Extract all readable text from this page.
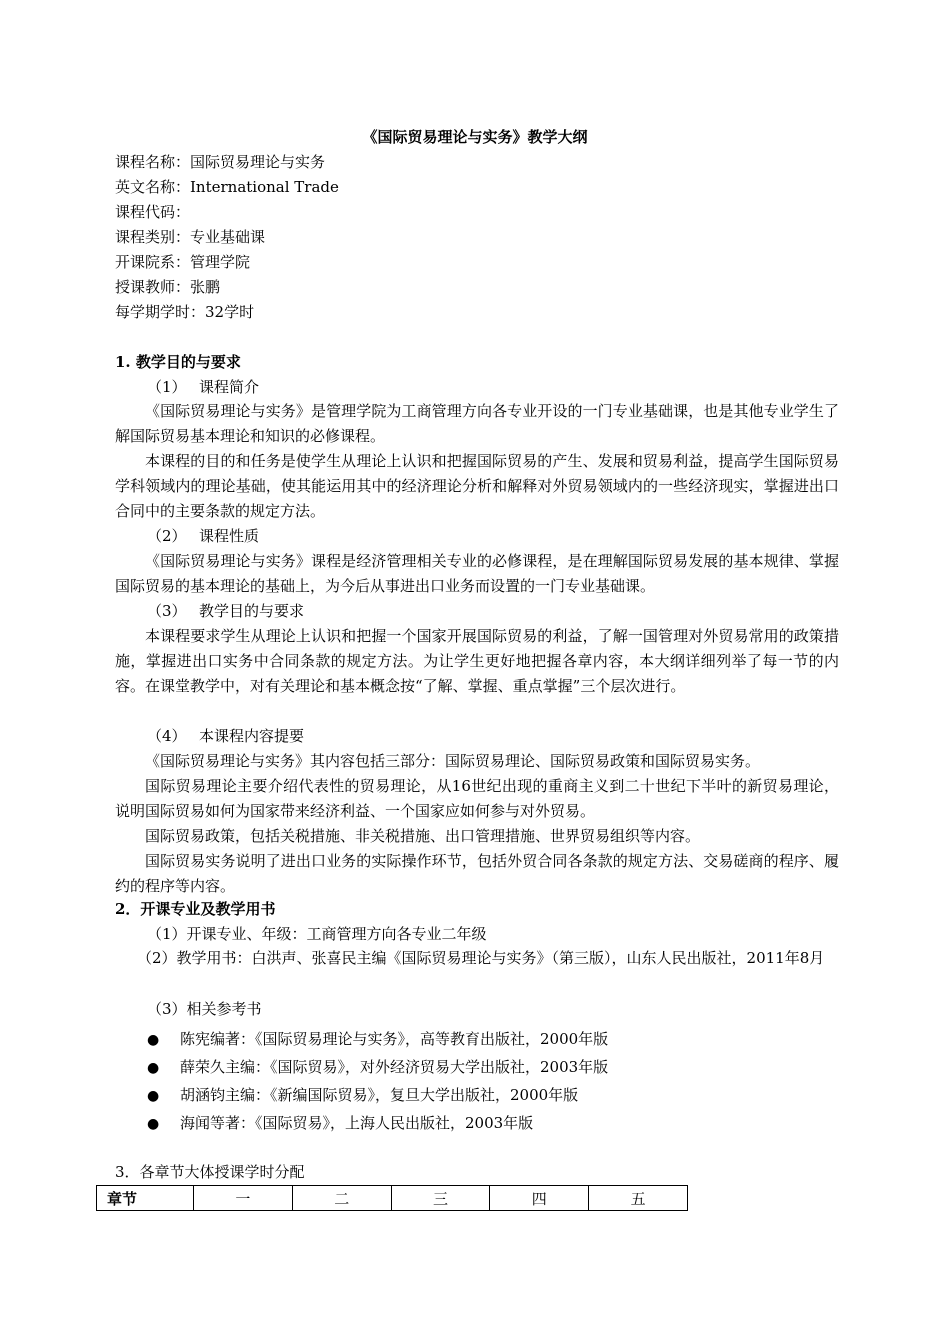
《国际贸易理论与实务》教学大纲
课程名称：国际贸易理论与实务
英文名称：International Trade
课程代码：
课程类别：专业基础课
开课院系：管理学院
授课教师：张鹏
每学期学时：32学时
1. 教学目的与要求
（1） 课程简介
《国际贸易理论与实务》是管理学院为工商管理方向各专业开设的一门专业基础课，也是其他专业学生了解国际贸易基本理论和知识的必修课程。
本课程的目的和任务是使学生从理论上认识和把握国际贸易的产生、发展和贸易利益，提高学生国际贸易学科领域内的理论基础，使其能运用其中的经济理论分析和解释对外贸易领域内的一些经济现实，掌握进出口合同中的主要条款的规定方法。
（2） 课程性质
《国际贸易理论与实务》课程是经济管理相关专业的必修课程，是在理解国际贸易发展的基本规律、掌握国际贸易的基本理论的基础上，为今后从事进出口业务而设置的一门专业基础课。
（3） 教学目的与要求
本课程要求学生从理论上认识和把握一个国家开展国际贸易的利益，了解一国管理对外贸易常用的政策措施，掌握进出口实务中合同条款的规定方法。为让学生更好地把握各章内容，本大纲详细列举了每一节的内容。在课堂教学中，对有关理论和基本概念按“了解、掌握、重点掌握”三个层次进行。
（4） 本课程内容提要
《国际贸易理论与实务》其内容包括三部分：国际贸易理论、国际贸易政策和国际贸易实务。
国际贸易理论主要介绍代表性的贸易理论，从16世纪出现的重商主义到二十世纪下半叶的新贸易理论，说明国际贸易如何为国家带来经济利益、一个国家应如何参与对外贸易。
国际贸易政策，包括关税措施、非关税措施、出口管理措施、世界贸易组织等内容。
国际贸易实务说明了进出口业务的实际操作环节，包括外贸合同各条款的规定方法、交易磋商的程序、履约的程序等内容。
2．开课专业及教学用书
（1）开课专业、年级：工商管理方向各专业二年级
（2）教学用书：白洪声、张喜民主编《国际贸易理论与实务》（第三版），山东人民出版社，2011年8月
（3）相关参考书
● 陈宪编著：《国际贸易理论与实务》，高等教育出版社，2000年版
● 薛荣久主编：《国际贸易》，对外经济贸易大学出版社，2003年版
● 胡涵钧主编：《新编国际贸易》，复旦大学出版社，2000年版
● 海闻等著：《国际贸易》，上海人民出版社，2003年版
3．各章节大体授课学时分配
章节	一	二	三	四	五
